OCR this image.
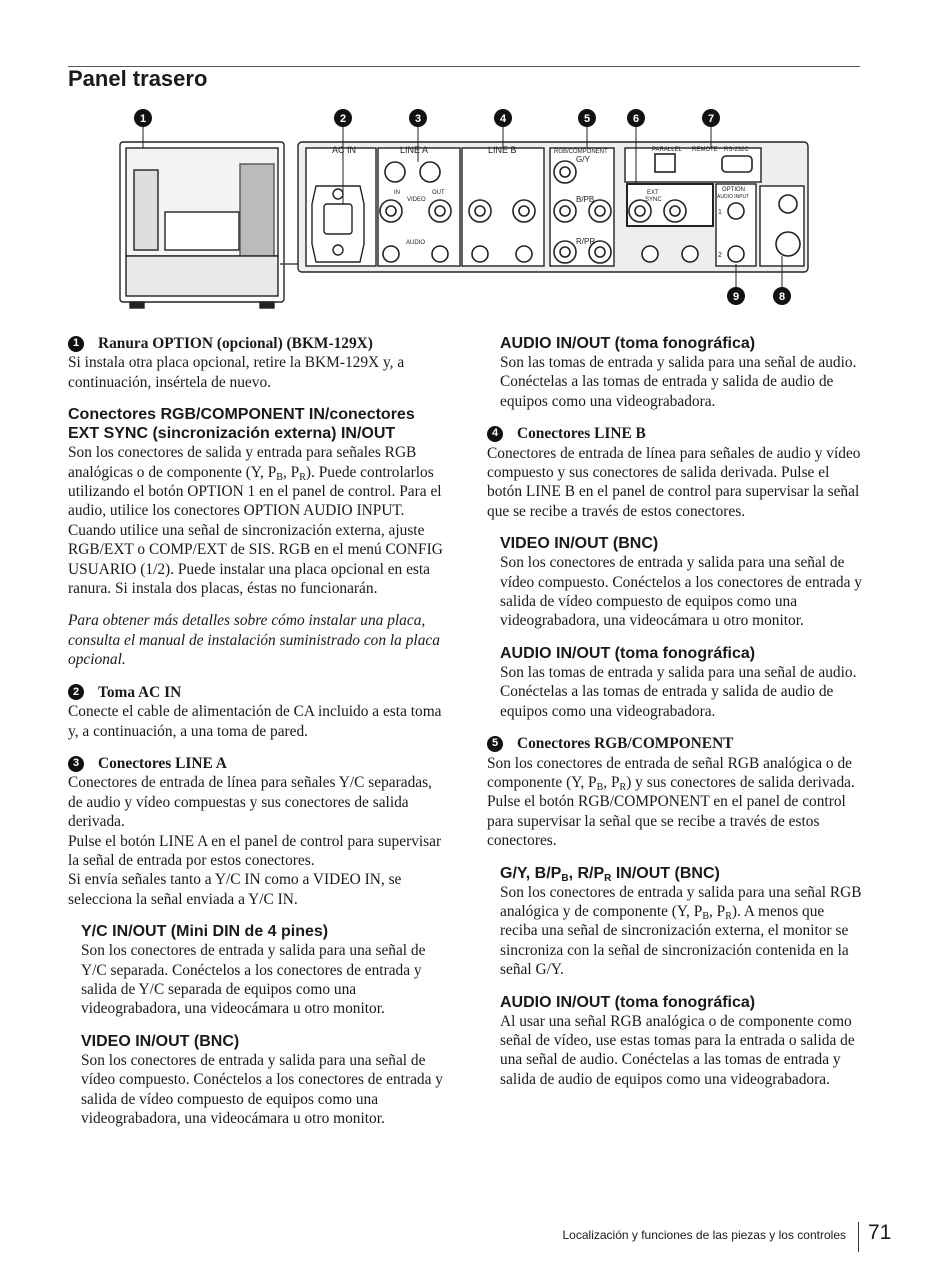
Panel trasero
AC IN	LINE A	LINE B	RGB/COMPONENT
G/Y
B/PB
R/PR
PARALLEL REMOTE RS-232C
IN	OUT
VIDEO
AUDIO
EXT
SYNC
OPTION
AUDIO INPUT
1
2
1	2	3	4	5	6	7
9	8

1	Ranura OPTION (opcional) (BKM-129X)

Si instala otra placa opcional, retire la BKM-129X y, a continuación, insértela de nuevo.

Conectores RGB/COMPONENT IN/conectores EXT SYNC (sincronización externa) IN/OUT

Son los conectores de salida y entrada para señales RGB analógicas o de componente (Y, PB, PR). Puede controlarlos utilizando el botón OPTION 1 en el panel de control. Para el audio, utilice los conectores OPTION AUDIO INPUT. Cuando utilice una señal de sincronización externa, ajuste RGB/EXT o COMP/EXT de SIS. RGB en el menú CONFIG USUARIO (1/2). Puede instalar una placa opcional en esta ranura. Si instala dos placas, éstas no funcionarán.

Para obtener más detalles sobre cómo instalar una placa, consulta el manual de instalación suministrado con la placa opcional.

2	Toma AC IN

Conecte el cable de alimentación de CA incluido a esta toma y, a continuación, a una toma de pared.

3	Conectores LINE A

Conectores de entrada de línea para señales Y/C separadas, de audio y vídeo compuestas y sus conectores de salida derivada.

Pulse el botón LINE A en el panel de control para supervisar la señal de entrada por estos conectores.

Si envía señales tanto a Y/C IN como a VIDEO IN, se selecciona la señal enviada a Y/C IN.

Y/C IN/OUT (Mini DIN de 4 pines)

Son los conectores de entrada y salida para una señal de Y/C separada. Conéctelos a los conectores de entrada y salida de Y/C separada de equipos como una videograbadora, una videocámara u otro monitor.

VIDEO IN/OUT (BNC)

Son los conectores de entrada y salida para una señal de vídeo compuesto. Conéctelos a los conectores de entrada y salida de vídeo compuesto de equipos como una videograbadora, una videocámara u otro monitor.

AUDIO IN/OUT (toma fonográfica)

Son las tomas de entrada y salida para una señal de audio. Conéctelas a las tomas de entrada y salida de audio de equipos como una videograbadora.

4	Conectores LINE B

Conectores de entrada de línea para señales de audio y vídeo compuesto y sus conectores de salida derivada. Pulse el botón LINE B en el panel de control para supervisar la señal que se recibe a través de estos conectores.

VIDEO IN/OUT (BNC)

Son los conectores de entrada y salida para una señal de vídeo compuesto. Conéctelos a los conectores de entrada y salida de vídeo compuesto de equipos como una videograbadora, una videocámara u otro monitor.

AUDIO IN/OUT (toma fonográfica)

Son las tomas de entrada y salida para una señal de audio. Conéctelas a las tomas de entrada y salida de audio de equipos como una videograbadora.

5	Conectores RGB/COMPONENT

Son los conectores de entrada de señal RGB analógica o de componente (Y, PB, PR) y sus conectores de salida derivada.

Pulse el botón RGB/COMPONENT en el panel de control para supervisar la señal que se recibe a través de estos conectores.

G/Y, B/PB, R/PR IN/OUT (BNC)

Son los conectores de entrada y salida para una señal RGB analógica y de componente (Y, PB, PR). A menos que reciba una señal de sincronización externa, el monitor se sincroniza con la señal de sincronización contenida en la señal G/Y.

AUDIO IN/OUT (toma fonográfica)

Al usar una señal RGB analógica o de componente como señal de vídeo, use estas tomas para la entrada o salida de una señal de audio. Conéctelas a las tomas de entrada y salida de audio de equipos como una videograbadora.

Localización y funciones de las piezas y los controles 71
